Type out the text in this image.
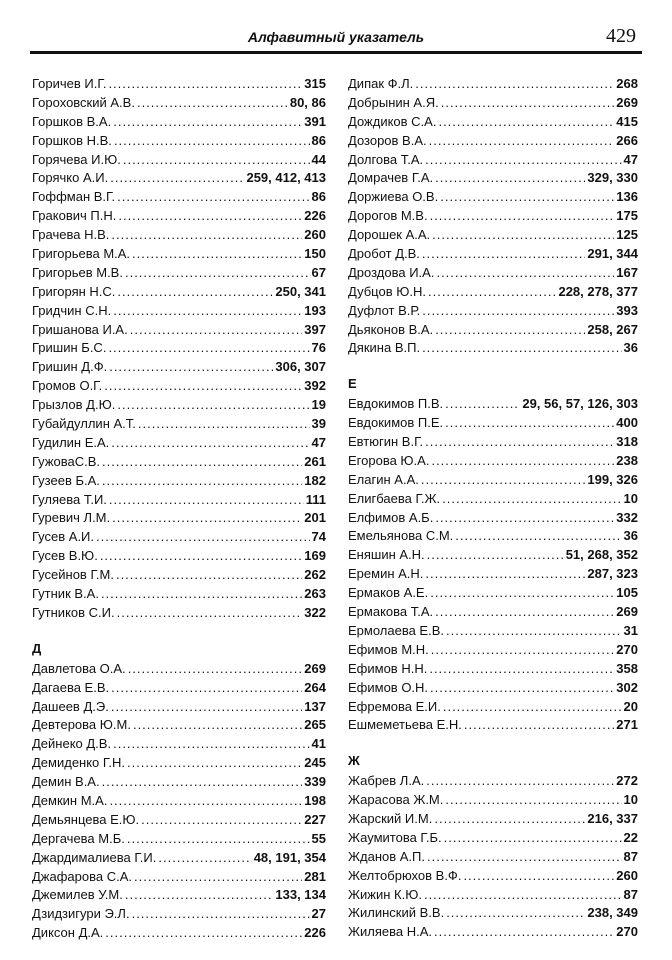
Алфавитный указатель	429
Горичев И.Г. .....	315
Гороховский А.В. .....	80, 86
Горшков В.А. .....	391
Горшков Н.В. .....	86
Горячева И.Ю. .....	44
Горячко А.И. .....	259, 412, 413
Гоффман В.Г. .....	86
Гракович П.Н. .....	226
Грачева Н.В. .....	260
Григорьева М.А. .....	150
Григорьев М.В. .....	67
Григорян Н.С. .....	250, 341
Гридчин С.Н. .....	193
Гришанова И.А. .....	397
Гришин Б.С. .....	76
Гришин Д.Ф. .....	306, 307
Громов О.Г. .....	392
Грызлов Д.Ю. .....	19
Губайдуллин А.Т. .....	39
Гудилин Е.А. .....	47
ГужоваС.В. .....	261
Гузеев Б.А. .....	182
Гуляева Т.И. .....	111
Гуревич Л.М. .....	201
Гусев А.И. .....	74
Гусев В.Ю. .....	169
Гусейнов Г.М. .....	262
Гутник В.А. .....	263
Гутников С.И. .....	322
Д
Давлетова О.А. .....	269
Дагаева Е.В. .....	264
Дашеев Д.Э. .....	137
Девтерова Ю.М. .....	265
Дейнеко Д.В. .....	41
Демиденко Г.Н. .....	245
Демин В.А. .....	339
Демкин М.А. .....	198
Демьянцева Е.Ю. .....	227
Дергачева М.Б. .....	55
Джардималиева Г.И. .....	48, 191, 354
Джафарова С.А. .....	281
Джемилев У.М. .....	133, 134
Дзидзигури Э.Л. .....	27
Диксон Д.А. .....	226
Дипак Ф.Л. .....	268
Добрынин А.Я. .....	269
Дождиков С.А. .....	415
Дозоров В.А. .....	266
Долгова Т.А. .....	47
Домрачев Г.А. .....	329, 330
Доржиева О.В. .....	136
Дорогов М.В. .....	175
Дорошек А.А. .....	125
Дробот Д.В. .....	291, 344
Дроздова И.А. .....	167
Дубцов Ю.Н. .....	228, 278, 377
Дуфлот В.Р. .....	393
Дьяконов В.А. .....	258, 267
Дякина В.П. .....	36
Е
Евдокимов П.В. .....	29, 56, 57, 126, 303
Евдокимов П.Е. .....	400
Евтюгин В.Г. .....	318
Егорова Ю.А. .....	238
Елагин А.А. .....	199, 326
Елигбаева Г.Ж. .....	10
Елфимов А.Б. .....	332
Емельянова С.М. .....	36
Еняшин А.Н. .....	51, 268, 352
Еремин А.Н. .....	287, 323
Ермаков А.Е. .....	105
Ермакова Т.А. .....	269
Ермолаева Е.В. .....	31
Ефимов М.Н. .....	270
Ефимов Н.Н. .....	358
Ефимов О.Н. .....	302
Ефремова Е.И. .....	20
Ешмеметьева Е.Н. .....	271
Ж
Жабрев Л.А. .....	272
Жарасова Ж.М. .....	10
Жарский И.М. .....	216, 337
Жаумитова Г.Б. .....	22
Жданов А.П. .....	87
Желтобрюхов В.Ф. .....	260
Жижин К.Ю. .....	87
Жилинский В.В. .....	238, 349
Жиляева Н.А. .....	270
